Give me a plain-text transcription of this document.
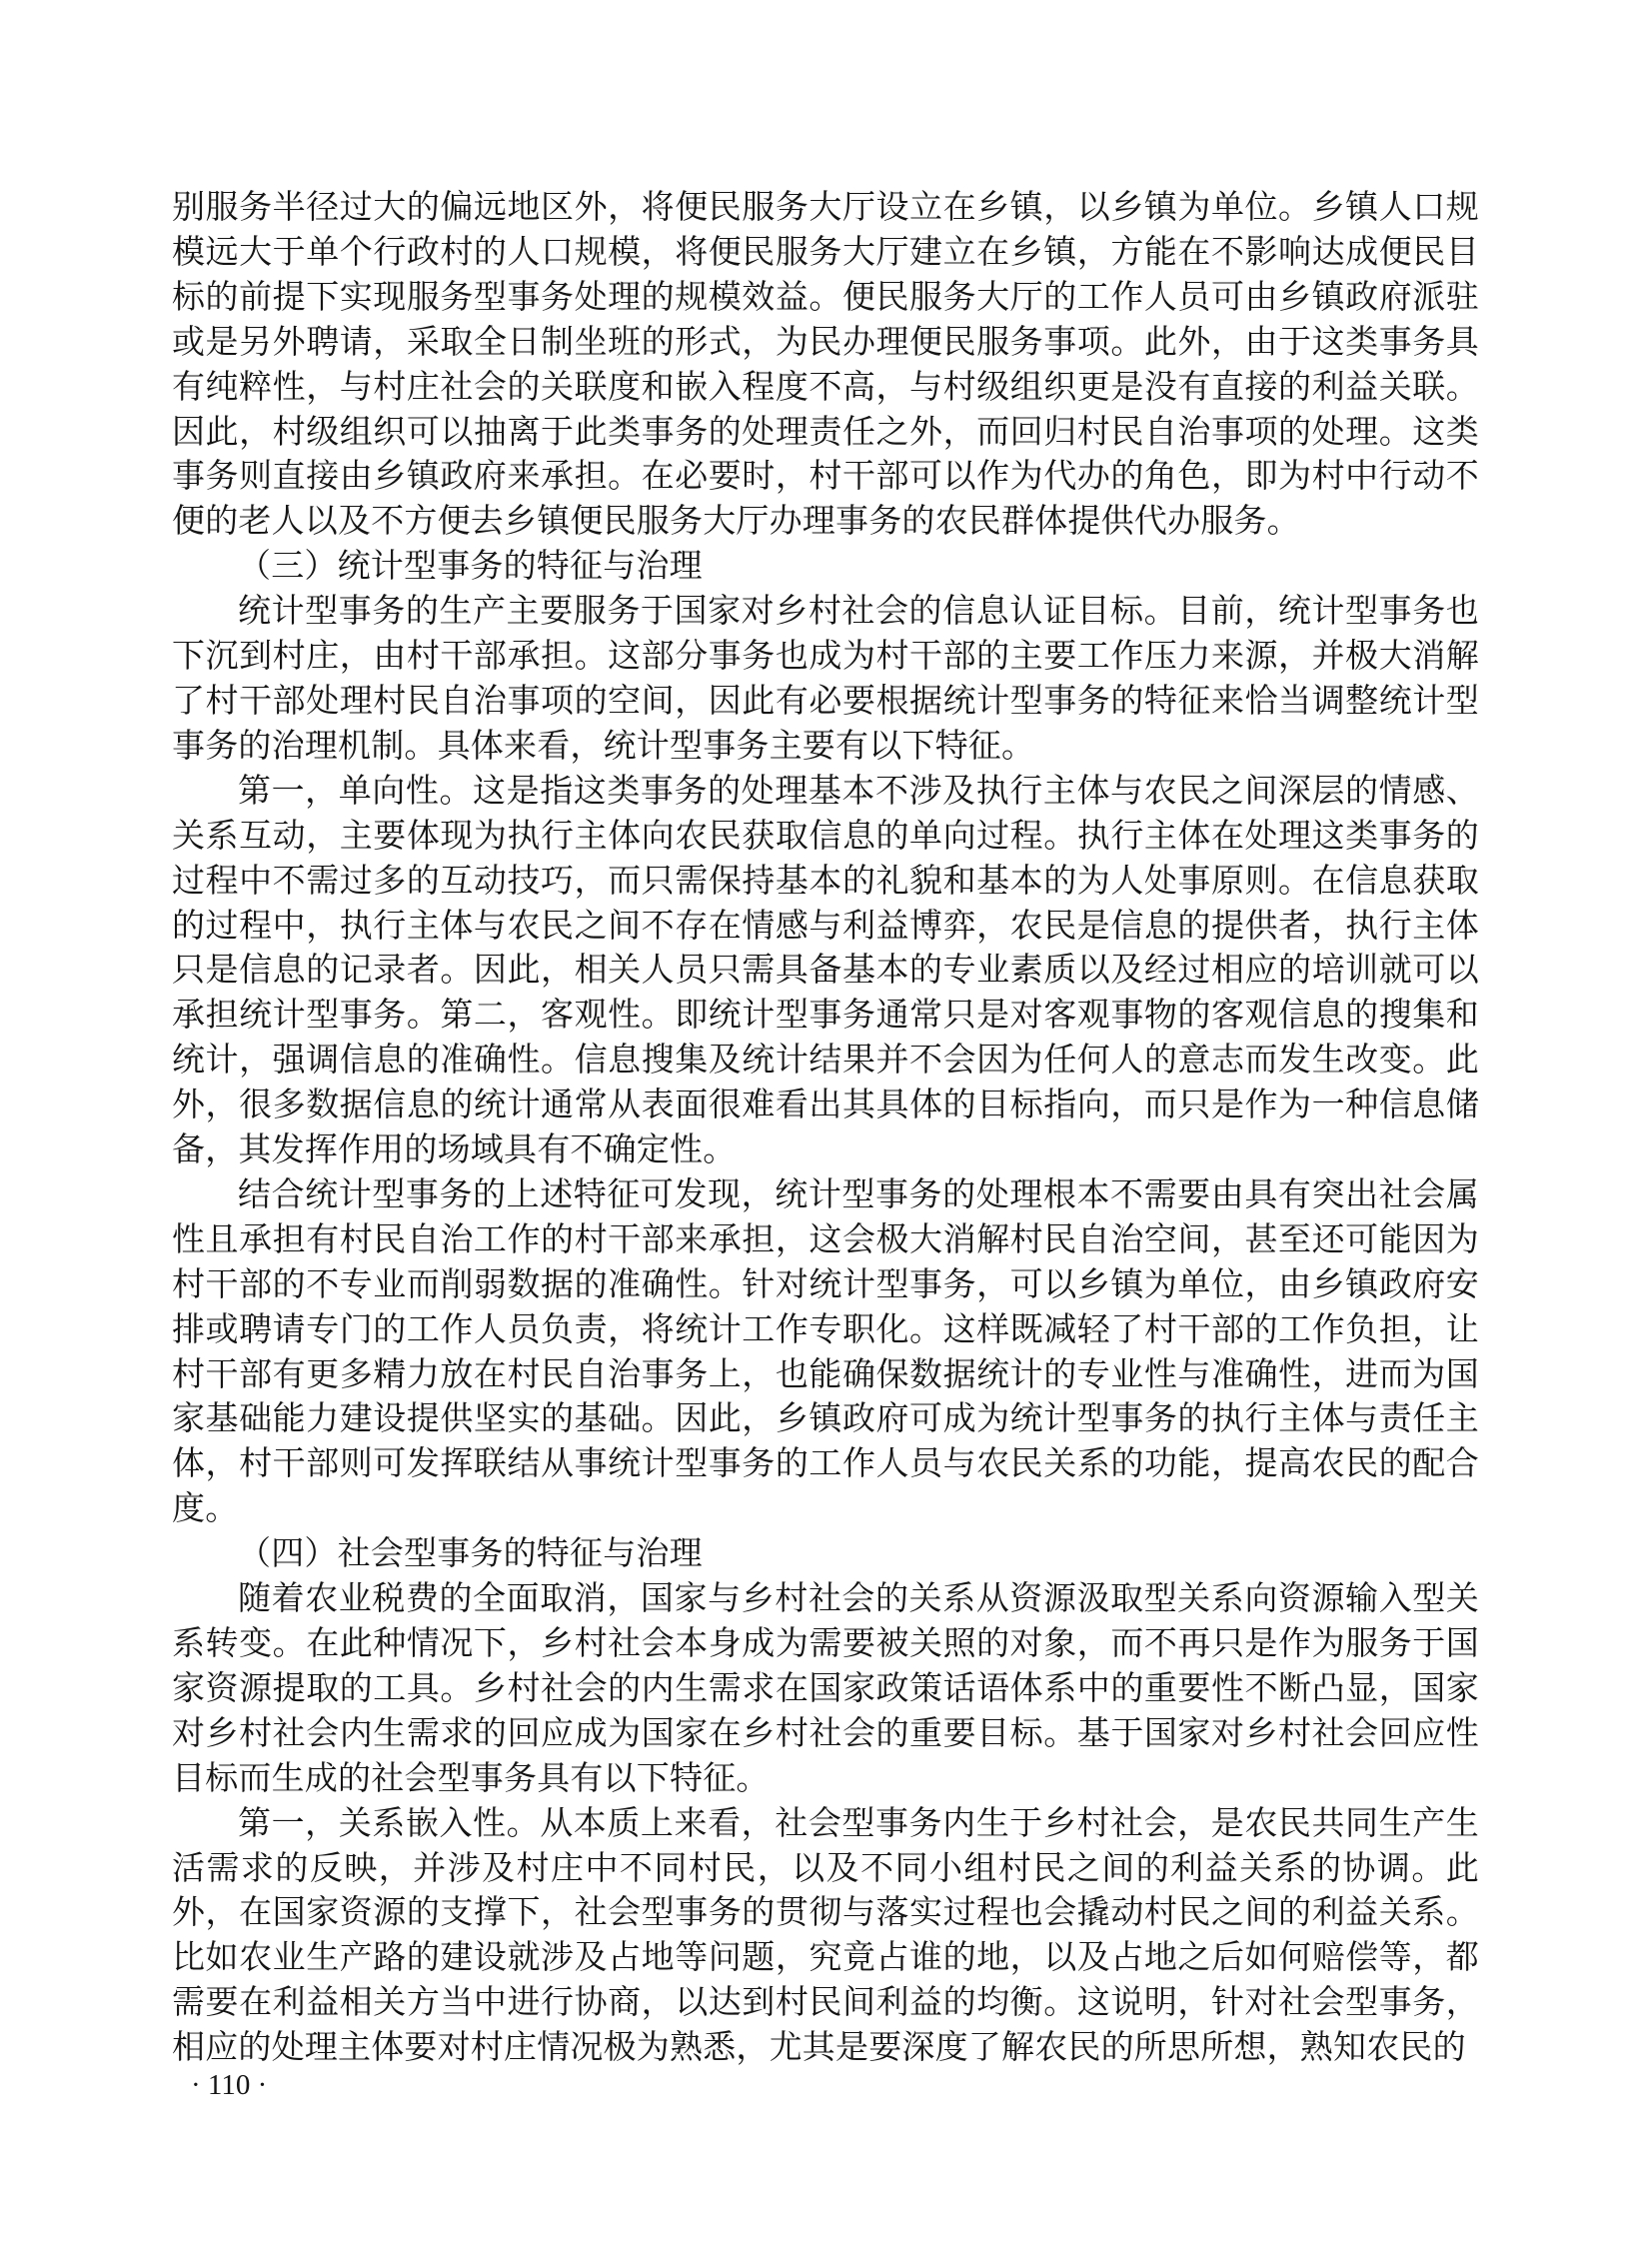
别服务半径过大的偏远地区外，将便民服务大厅设立在乡镇，以乡镇为单位。乡镇人口规模远大于单个行政村的人口规模，将便民服务大厅建立在乡镇，方能在不影响达成便民目标的前提下实现服务型事务处理的规模效益。便民服务大厅的工作人员可由乡镇政府派驻或是另外聘请，采取全日制坐班的形式，为民办理便民服务事项。此外，由于这类事务具有纯粹性，与村庄社会的关联度和嵌入程度不高，与村级组织更是没有直接的利益关联。因此，村级组织可以抽离于此类事务的处理责任之外，而回归村民自治事项的处理。这类事务则直接由乡镇政府来承担。在必要时，村干部可以作为代办的角色，即为村中行动不便的老人以及不方便去乡镇便民服务大厅办理事务的农民群体提供代办服务。

（三）统计型事务的特征与治理

统计型事务的生产主要服务于国家对乡村社会的信息认证目标。目前，统计型事务也下沉到村庄，由村干部承担。这部分事务也成为村干部的主要工作压力来源，并极大消解了村干部处理村民自治事项的空间，因此有必要根据统计型事务的特征来恰当调整统计型事务的治理机制。具体来看，统计型事务主要有以下特征。

第一，单向性。这是指这类事务的处理基本不涉及执行主体与农民之间深层的情感、关系互动，主要体现为执行主体向农民获取信息的单向过程。执行主体在处理这类事务的过程中不需过多的互动技巧，而只需保持基本的礼貌和基本的为人处事原则。在信息获取的过程中，执行主体与农民之间不存在情感与利益博弈，农民是信息的提供者，执行主体只是信息的记录者。因此，相关人员只需具备基本的专业素质以及经过相应的培训就可以承担统计型事务。第二，客观性。即统计型事务通常只是对客观事物的客观信息的搜集和统计，强调信息的准确性。信息搜集及统计结果并不会因为任何人的意志而发生改变。此外，很多数据信息的统计通常从表面很难看出其具体的目标指向，而只是作为一种信息储备，其发挥作用的场域具有不确定性。

结合统计型事务的上述特征可发现，统计型事务的处理根本不需要由具有突出社会属性且承担有村民自治工作的村干部来承担，这会极大消解村民自治空间，甚至还可能因为村干部的不专业而削弱数据的准确性。针对统计型事务，可以乡镇为单位，由乡镇政府安排或聘请专门的工作人员负责，将统计工作专职化。这样既减轻了村干部的工作负担，让村干部有更多精力放在村民自治事务上，也能确保数据统计的专业性与准确性，进而为国家基础能力建设提供坚实的基础。因此，乡镇政府可成为统计型事务的执行主体与责任主体，村干部则可发挥联结从事统计型事务的工作人员与农民关系的功能，提高农民的配合度。

（四）社会型事务的特征与治理

随着农业税费的全面取消，国家与乡村社会的关系从资源汲取型关系向资源输入型关系转变。在此种情况下，乡村社会本身成为需要被关照的对象，而不再只是作为服务于国家资源提取的工具。乡村社会的内生需求在国家政策话语体系中的重要性不断凸显，国家对乡村社会内生需求的回应成为国家在乡村社会的重要目标。基于国家对乡村社会回应性目标而生成的社会型事务具有以下特征。

第一，关系嵌入性。从本质上来看，社会型事务内生于乡村社会，是农民共同生产生活需求的反映，并涉及村庄中不同村民，以及不同小组村民之间的利益关系的协调。此外，在国家资源的支撑下，社会型事务的贯彻与落实过程也会撬动村民之间的利益关系。比如农业生产路的建设就涉及占地等问题，究竟占谁的地，以及占地之后如何赔偿等，都需要在利益相关方当中进行协商，以达到村民间利益的均衡。这说明，针对社会型事务，相应的处理主体要对村庄情况极为熟悉，尤其是要深度了解农民的所思所想，熟知农民的

· 110 ·
